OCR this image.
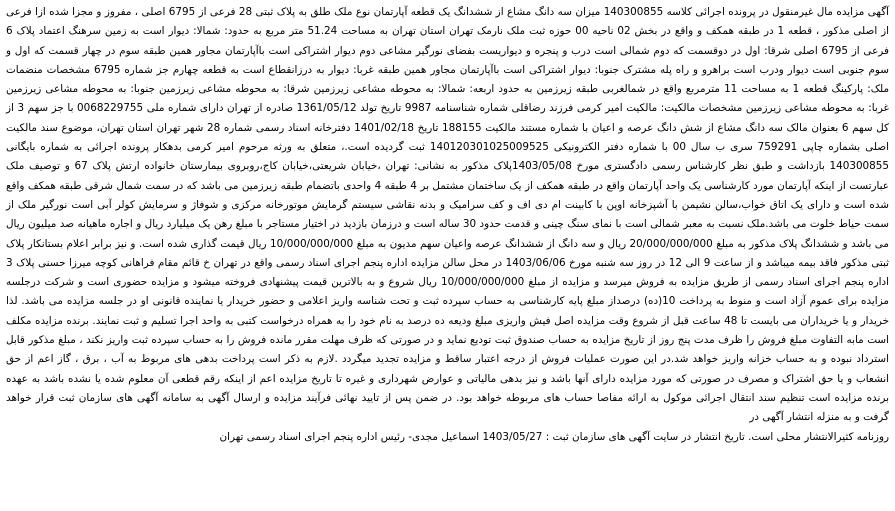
آگهی مزایده مال غیرمنقول در پرونده اجرائی کلاسه 140300855 میزان سه دانگ مشاع از ششدانگ یک قطعه آپارتمان نوع ملک طلق به پلاک ثبتی 28 فرعی از 6795 اصلی ، مفروز و مجزا شده ازا فرعی از اصلی مذکور ، قطعه 1 در طبقه همکف و واقع در بخش 02 ناحیه 00 حوزه ثبت ملک نارمک تهران استان تهران به مساحت 51.24 متر مربع به حدود: شمالا: دیوار است به زمین سرهنگ اعتماد پلاک 6 فرعی از 6795 اصلی شرقا: اول در دوقسمت که دوم شمالی است درب و پنجره و دیواریست بفضای نورگیر مشاعی دوم دیوار اشتراکی است باآپارتمان مجاور همین طبقه سوم در چهار قسمت که اول و سوم جنوبی است دیوار ودرب است براهرو و راه پله مشترک جنوبا: دیوار اشتراکی است باآپارتمان مجاور همین طبقه غربا: دیوار به درزانقطاع است به قطعه چهارم جز شماره 6795 مشخصات منضمات ملک: پارکینگ قطعه 1 به مساحت 11 مترمربع واقع در شمالغربی طبقه زیرزمین به حدود اربعه: شمالا: به محوطه مشاعی زیرزمین شرقا: به محوطه مشاعی زیرزمین جنوبا: به محوطه مشاعی زیرزمین غربا: به محوطه مشاعی زیرزمین مشخصات مالکیت: مالکیت امیر کرمی فرزند رضاقلی شماره شناسنامه 9987 تاریخ تولد 1361/05/12 صادره از تهران دارای شماره ملی 0068229755 با جز سهم 3 از کل سهم 6 بعنوان مالک سه دانگ مشاع از شش دانگ عرصه و اعیان با شماره مستند مالکیت 188155 تاریخ 1401/02/18 دفترخانه اسناد رسمی شماره 28 شهر تهران استان تهران، موضوع سند مالکیت اصلی بشماره چاپی 759291 سری ب سال 00 با شماره دفتر الکترونیکی 140120301025009525 ثبت گردیده است.، متعلق به ورثه مرحوم امیر کرمی بدهکار پرونده اجرائی به شماره بایگانی 140300855 بازداشت و طبق نظر کارشناس رسمی دادگستری مورخ 1403/05/08پلاک مذکور به نشانی: تهران ،خیابان شریعتی،خیابان کاج،روبروی بیمارستان خانواده ارتش پلاک 67 و توصیف ملک عبارتست از اینکه آپارتمان مورد کارشناسی یک واحد آپارتمان واقع در طبقه همکف از یک ساختمان مشتمل بر 4 طبقه 4 واحدی باتضمام طبقه زیرزمین می باشد که در سمت شمال شرقی طبقه همکف واقع شده است و دارای یک اتاق خواب،سالن نشیمن با آشپزخانه اوپن با کابینت ام دی اف و کف سرامیک و بدنه نقاشی سیستم گرمایش موتورخانه مرکزی و شوفاژ و سرمایش کولر آبی است نورگیر ملک از سمت حیاط خلوت می باشد.ملک نسبت به معبر شمالی است با نمای سنگ چینی و قدمت حدود 30 ساله است و درزمان بازدید در اختیار مستاجر با مبلغ رهن یک میلیارد ریال و اجاره ماهیانه صد میلیون ریال می باشد و ششدانگ پلاک مذکور به مبلغ 20/000/000/000 ریال و سه دانگ از ششدانگ عرصه واعیان سهم مدیون به مبلغ 10/000/000/000 ریال قیمت گذاری شده است. و نیز برابر اعلام بستانکار پلاک ثبتی مذکور فاقد بیمه میباشد و از ساعت 9 الی 12 در روز سه شنبه مورخ 1403/06/06 در محل سالن مزایده اداره پنجم اجرای اسناد رسمی واقع در تهران خ قائم مقام فراهانی کوچه میرزا حسنی پلاک 3 اداره پنجم اجرای اسناد رسمی از طریق مزایده به فروش میرسد و مزایده از مبلغ 10/000/000/000 ریال شروع و به بالاترین قیمت پیشنهادی فروخته میشود و مزایده حضوری است و شرکت درجلسه مزایده برای عموم آزاد است و منوط به پرداخت 10(ده) درصداز مبلغ پایه کارشناسی به حساب سپرده ثبت و تحت شناسه واریز اعلامی و حضور خریدار یا نماینده قانونی او در جلسه مزایده می باشد. لذا خریدار و یا خریداران می بایست تا 48 ساعت قبل از شروع وقت مزایده اصل فیش واریزی مبلغ ودیعه ده درصد به نام خود را به همراه درخواست کتبی به واحد اجرا تسلیم و ثبت نمایند. برنده مزایده مکلف است مابه التفاوت مبلغ فروش را ظرف مدت پنج روز از تاریخ مزایده به حساب صندوق ثبت تودیع نماید و در صورتی که ظرف مهلت مقرر مانده فروش را به حساب سپرده ثبت واریز نکند ، مبلغ مذکور قابل استرداد نبوده و به حساب خزانه واریز خواهد شد.در این صورت عملیات فروش از درجه اعتبار ساقط و مزایده تجدید میگردد .لازم به ذکر است پرداخت بدهی های مربوط به آب ، برق ، گاز اعم از حق انشعاب و یا حق اشتراک و مصرف در صورتی که مورد مزایده دارای آنها باشد و نیز بدهی مالیاتی و عوارض شهرداری و غیره تا تاریخ مزایده اعم از اینکه رقم قطعی آن معلوم شده یا نشده باشد به عهده برنده مزایده است تنظیم سند انتقال اجرائی موکول به ارائه مفاصا حساب های مربوطه خواهد بود. در ضمن پس از تایید نهائی فرآیند مزایده و ارسال آگهی به سامانه آگهی های سازمان ثبت قرار خواهد گرفت و به منزله انتشار آگهی در

روزنامه کثیرالانتشار محلی است. تاریخ انتشار در سایت آگهی های سازمان ثبت : 1403/05/27 اسماعیل مجدی- رئیس اداره پنجم اجرای اسناد رسمی تهران
